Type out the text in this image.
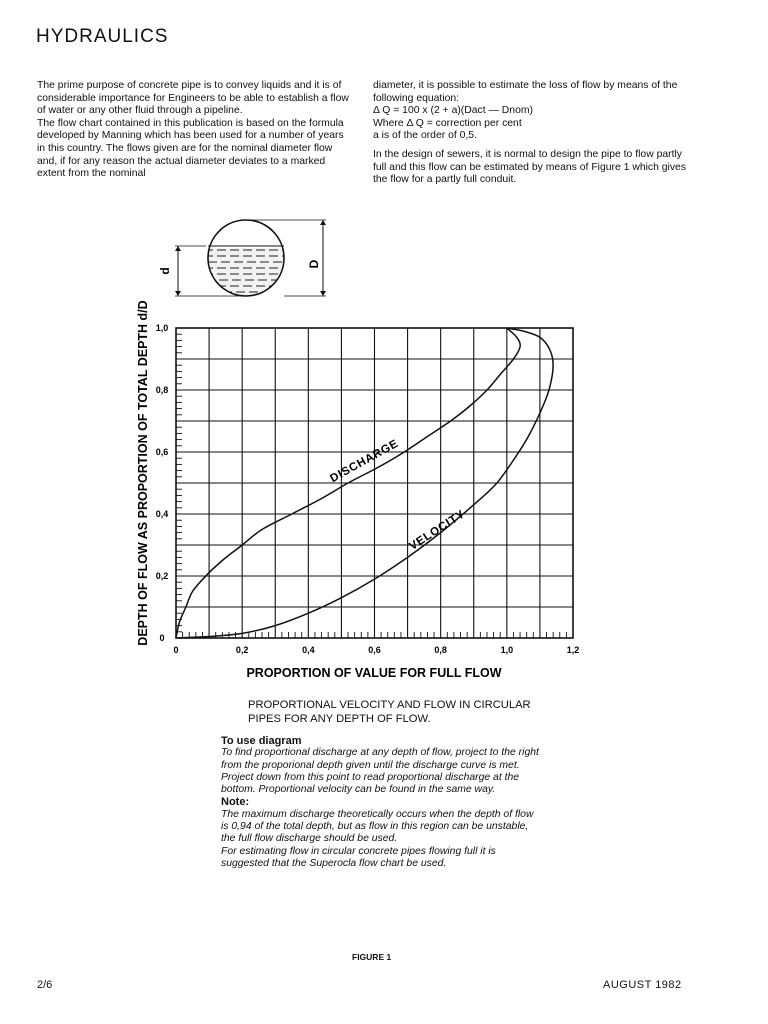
HYDRAULICS

The prime purpose of concrete pipe is to convey liquids and it is of considerable importance for Engineers to be able to establish a flow of water or any other fluid through a pipeline.

The flow chart contained in this publication is based on the formula developed by Manning which has been used for a number of years in this country. The flows given are for the nominal diameter flow and, if for any reason the actual diameter deviates to a marked extent from the nominal

diameter, it is possible to estimate the loss of flow by means of the following equation:

Δ Q = 100 x (2 + a)(Dact — Dnom)

Where Δ Q = correction per cent

a is of the order of 0,5.

In the design of sewers, it is normal to design the pipe to flow partly full and this flow can be estimated by means of Figure 1 which gives the flow for a partly full conduit.

d
D
0	0,2	0,4	0,6	0,8	1,0	1,2
0
0,2
0,4
0,6
0,8
1,0
DISCHARGE
VELOCITY
PROPORTION OF VALUE FOR FULL FLOW
DEPTH OF FLOW AS PROPORTION OF TOTAL DEPTH d/D
PROPORTIONAL VELOCITY AND FLOW IN CIRCULAR PIPES FOR ANY DEPTH OF FLOW.
To use diagram
To find proportional discharge at any depth of flow, project to the right from the proporional depth given until the discharge curve is met. Project down from this point to read proportional discharge at the bottom. Proportional velocity can be found in the same way.
Note:
The maximum discharge theoretically occurs when the depth of flow is 0,94 of the total depth, but as flow in this region can be unstable, the full flow discharge should be used.
For estimating flow in circular concrete pipes flowing full it is suggested that the Superocla flow chart be used.
FIGURE 1
2/6	AUGUST 1982
